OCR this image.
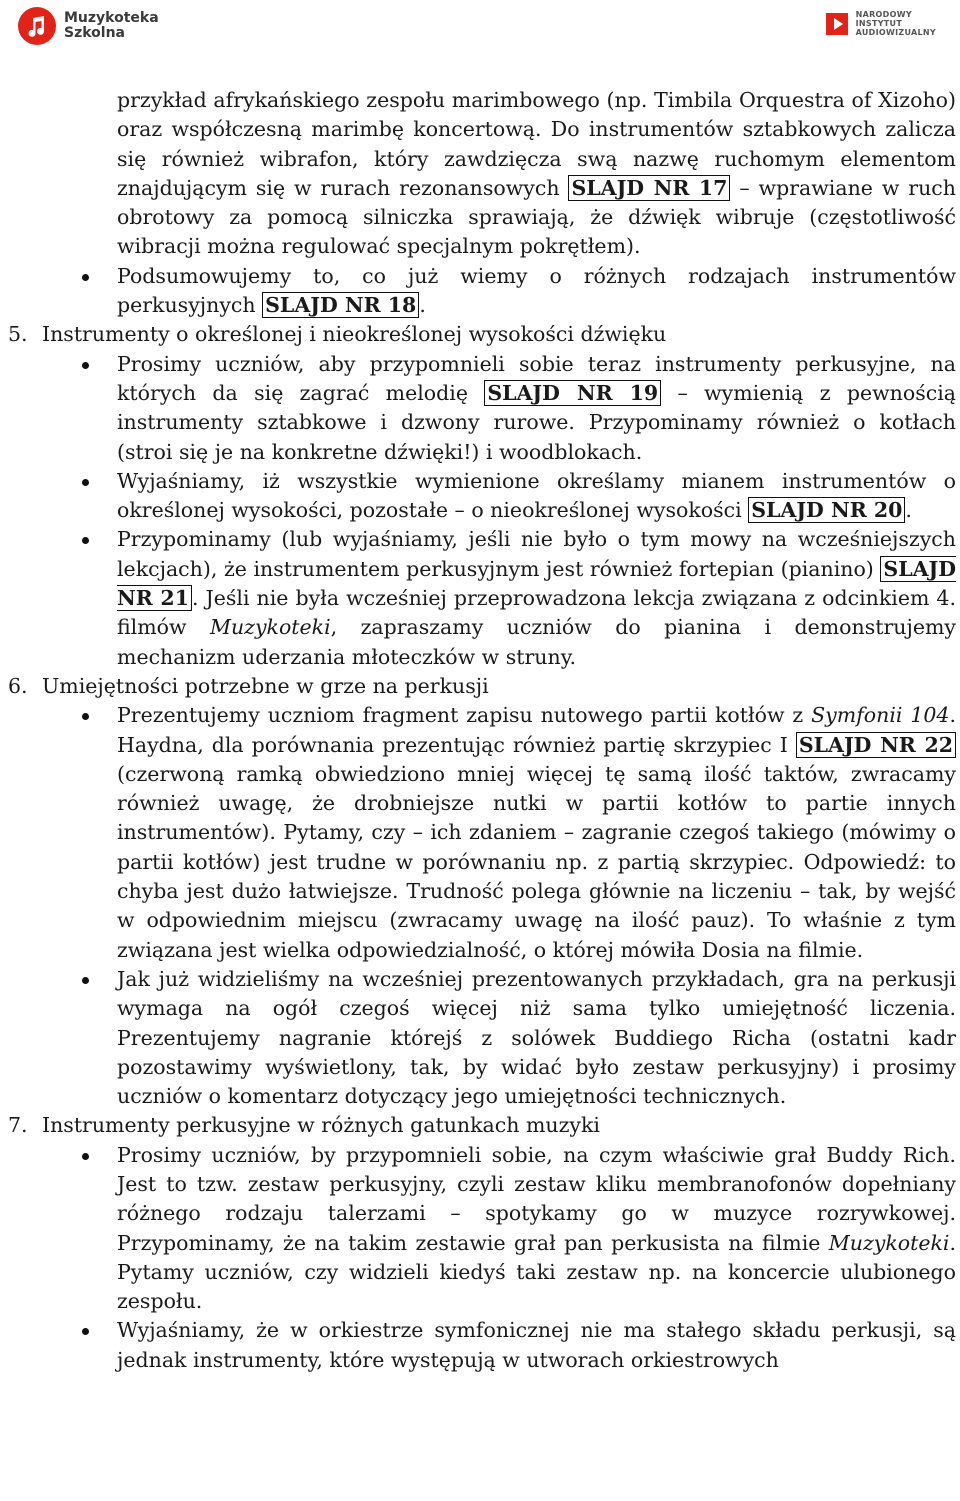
Muzykoteka
Szkolna
NARODOWY
INSTYTUT
AUDIOWIZUALNY
przykład afrykańskiego zespołu marimbowego (np. Timbila Orquestra of Xizoho) oraz współczesną marimbę koncertową. Do instrumentów sztabkowych zalicza się również wibrafon, który zawdzięcza swą nazwę ruchomym elementom znajdującym się w rurach rezonansowych SLAJD NR 17 – wprawiane w ruch obrotowy za pomocą silniczka sprawiają, że dźwięk wibruje (częstotliwość wibracji można regulować specjalnym pokrętłem).
Podsumowujemy to, co już wiemy o różnych rodzajach instrumentów perkusyjnych SLAJD NR 18 .
5. Instrumenty o określonej i nieokreślonej wysokości dźwięku
Prosimy uczniów, aby przypomnieli sobie teraz instrumenty perkusyjne, na których da się zagrać melodię SLAJD NR 19 – wymienią z pewnością instrumenty sztabkowe i dzwony rurowe. Przypominamy również o kotłach (stroi się je na konkretne dźwięki!) i woodblokach.
Wyjaśniamy, iż wszystkie wymienione określamy mianem instrumentów o określonej wysokości, pozostałe – o nieokreślonej wysokości SLAJD NR 20 .
Przypominamy (lub wyjaśniamy, jeśli nie było o tym mowy na wcześniejszych lekcjach), że instrumentem perkusyjnym jest również fortepian (pianino) SLAJD NR 21 . Jeśli nie była wcześniej przeprowadzona lekcja związana z odcinkiem 4. filmów Muzykoteki, zapraszamy uczniów do pianina i demonstrujemy mechanizm uderzania młoteczków w struny.
6. Umiejętności potrzebne w grze na perkusji
Prezentujemy uczniom fragment zapisu nutowego partii kotłów z Symfonii 104. Haydna, dla porównania prezentując również partię skrzypiec I SLAJD NR 22 (czerwoną ramką obwiedziono mniej więcej tę samą ilość taktów, zwracamy również uwagę, że drobniejsze nutki w partii kotłów to partie innych instrumentów). Pytamy, czy – ich zdaniem – zagranie czegoś takiego (mówimy o partii kotłów) jest trudne w porównaniu np. z partią skrzypiec. Odpowiedź: to chyba jest dużo łatwiejsze. Trudność polega głównie na liczeniu – tak, by wejść w odpowiednim miejscu (zwracamy uwagę na ilość pauz). To właśnie z tym związana jest wielka odpowiedzialność, o której mówiła Dosia na filmie.
Jak już widzieliśmy na wcześniej prezentowanych przykładach, gra na perkusji wymaga na ogół czegoś więcej niż sama tylko umiejętność liczenia. Prezentujemy nagranie którejś z solówek Buddiego Richa (ostatni kadr pozostawimy wyświetlony, tak, by widać było zestaw perkusyjny) i prosimy uczniów o komentarz dotyczący jego umiejętności technicznych.
7. Instrumenty perkusyjne w różnych gatunkach muzyki
Prosimy uczniów, by przypomnieli sobie, na czym właściwie grał Buddy Rich. Jest to tzw. zestaw perkusyjny, czyli zestaw kliku membranofonów dopełniany różnego rodzaju talerzami – spotykamy go w muzyce rozrywkowej. Przypominamy, że na takim zestawie grał pan perkusista na filmie Muzykoteki. Pytamy uczniów, czy widzieli kiedyś taki zestaw np. na koncercie ulubionego zespołu.
Wyjaśniamy, że w orkiestrze symfonicznej nie ma stałego składu perkusji, są jednak instrumenty, które występują w utworach orkiestrowych
